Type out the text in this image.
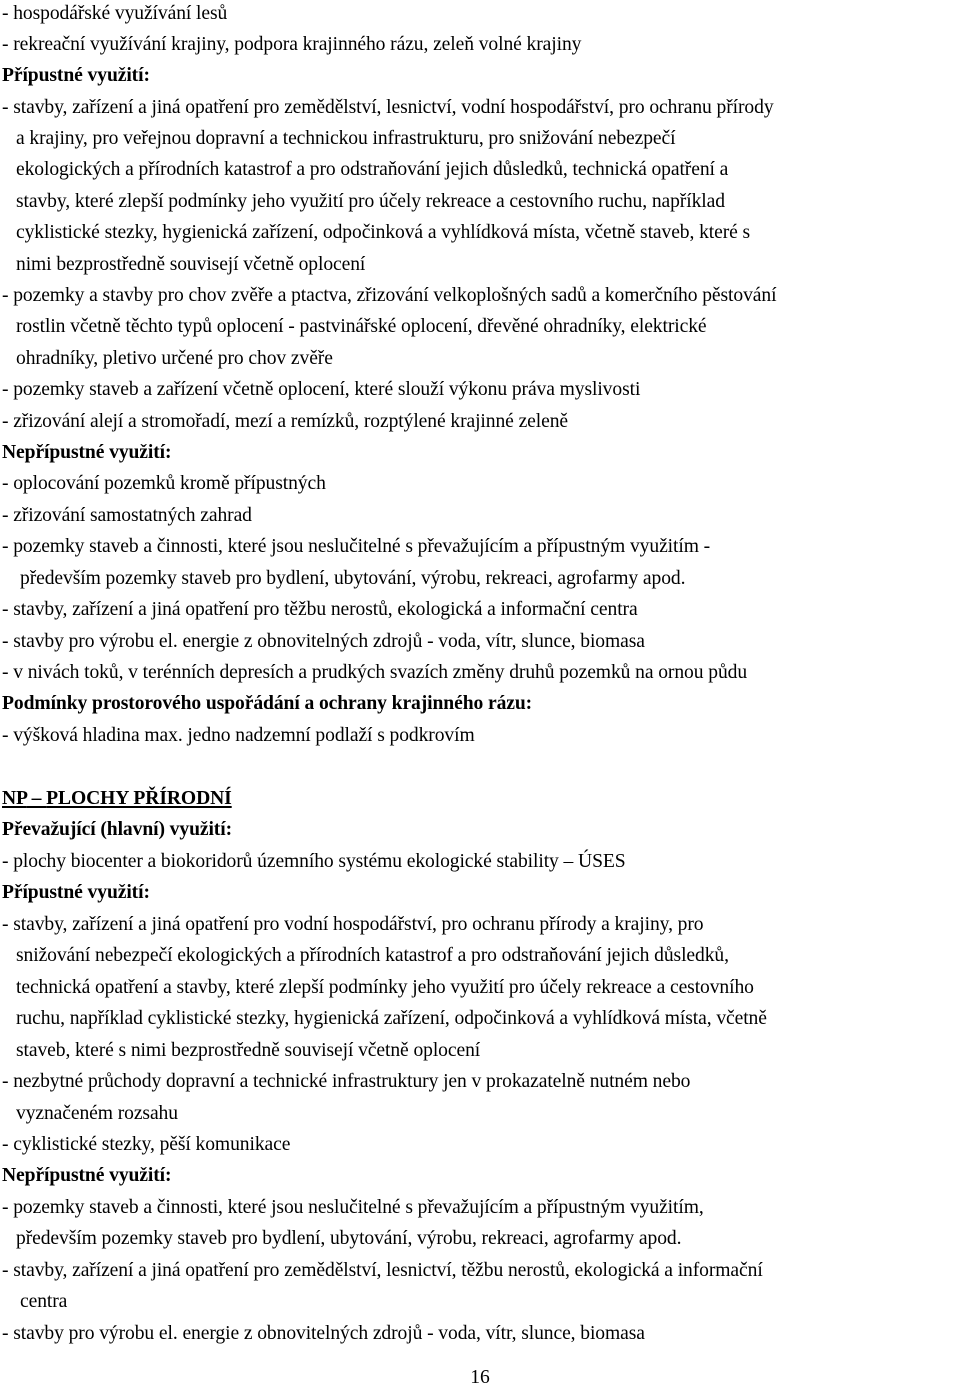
- hospodářské využívání lesů
- rekreační využívání krajiny, podpora krajinného rázu, zeleň volné krajiny
Přípustné využití:
- stavby, zařízení a jiná opatření pro zemědělství, lesnictví, vodní hospodářství, pro ochranu přírody
a krajiny, pro veřejnou dopravní a technickou infrastrukturu, pro snižování nebezpečí
ekologických a přírodních katastrof a pro odstraňování jejich důsledků, technická opatření a
stavby, které zlepší podmínky jeho využití pro účely rekreace a cestovního ruchu, například
cyklistické stezky, hygienická zařízení, odpočinková a vyhlídková místa, včetně staveb, které s
nimi bezprostředně souvisejí včetně oplocení
- pozemky a stavby pro chov zvěře a ptactva, zřizování velkoplošných sadů a komerčního pěstování
rostlin včetně těchto typů oplocení - pastvinářské oplocení, dřevěné ohradníky, elektrické
ohradníky, pletivo určené pro chov zvěře
- pozemky staveb a zařízení včetně oplocení, které slouží výkonu práva myslivosti
- zřizování alejí a stromořadí, mezí a remízků, rozptýlené krajinné zeleně
Nepřípustné využití:
- oplocování pozemků kromě přípustných
- zřizování samostatných zahrad
- pozemky staveb a činnosti, které jsou neslučitelné s převažujícím a přípustným využitím -
především pozemky staveb pro bydlení, ubytování, výrobu, rekreaci, agrofarmy apod.
- stavby, zařízení a jiná opatření pro těžbu nerostů, ekologická a informační centra
- stavby pro výrobu el. energie z obnovitelných zdrojů - voda, vítr, slunce, biomasa
- v nivách toků, v terénních depresích a prudkých svazích změny druhů pozemků na ornou půdu
Podmínky prostorového uspořádání a ochrany krajinného rázu:
- výšková hladina max. jedno nadzemní podlaží s podkrovím
Převažující (hlavní) využití:
- plochy biocenter a biokoridorů územního systému ekologické stability – ÚSES
Přípustné využití:
- stavby, zařízení a jiná opatření pro vodní hospodářství, pro ochranu přírody a krajiny, pro
snižování nebezpečí ekologických a přírodních katastrof a pro odstraňování jejich důsledků,
technická opatření a stavby, které zlepší podmínky jeho využití pro účely rekreace a cestovního
ruchu, například cyklistické stezky, hygienická zařízení, odpočinková a vyhlídková místa, včetně
staveb, které s nimi bezprostředně souvisejí včetně oplocení
- nezbytné průchody dopravní a technické infrastruktury jen v prokazatelně nutném nebo
vyznačeném rozsahu
- cyklistické stezky, pěší komunikace
Nepřípustné využití:
- pozemky staveb a činnosti, které jsou neslučitelné s převažujícím a přípustným využitím,
především pozemky staveb pro bydlení, ubytování, výrobu, rekreaci, agrofarmy apod.
- stavby, zařízení a jiná opatření pro zemědělství, lesnictví, těžbu nerostů, ekologická a informační
centra
- stavby pro výrobu el. energie z obnovitelných zdrojů - voda, vítr, slunce, biomasa
NP – PLOCHY PŘÍRODNÍ
16
